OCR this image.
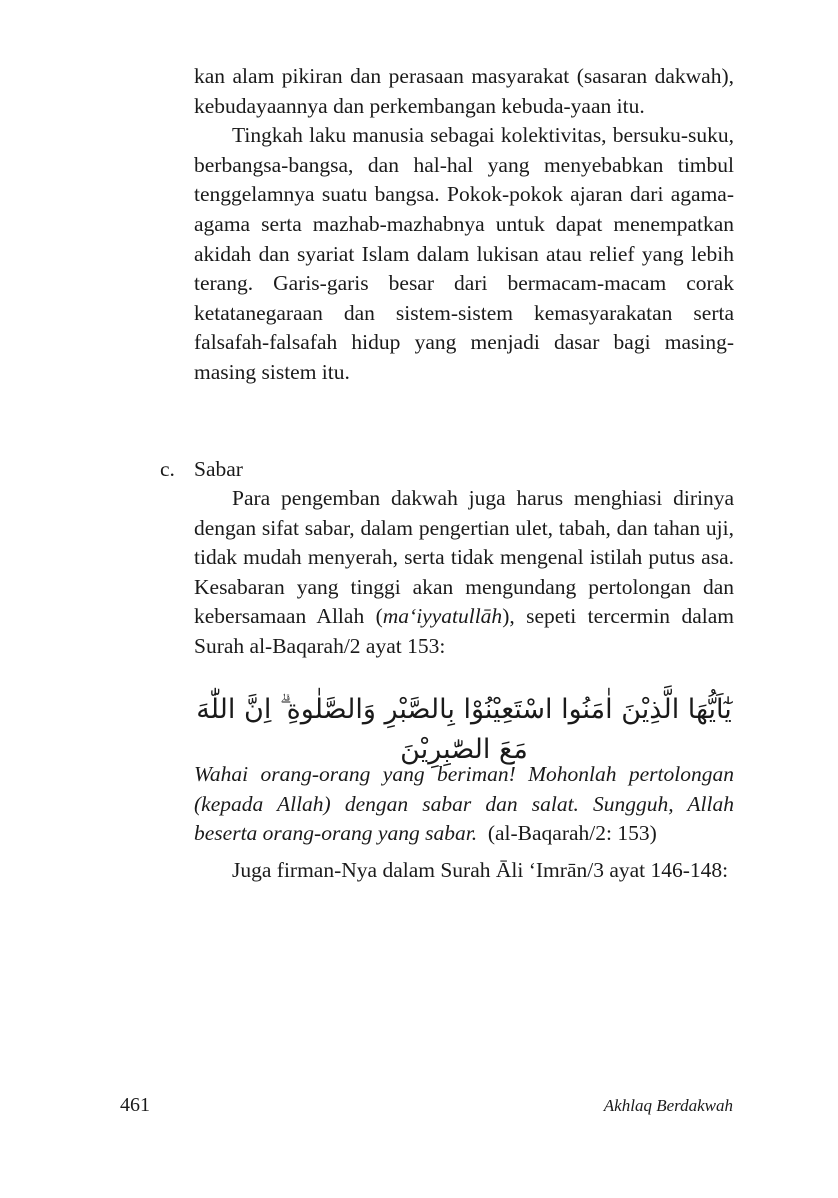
kan alam pikiran dan perasaan masyarakat (sasaran dakwah), kebudayaannya dan perkembangan kebuda-yaan itu.

Tingkah laku manusia sebagai kolektivitas, bersuku-suku, berbangsa-bangsa, dan hal-hal yang menyebabkan timbul tenggelamnya suatu bangsa. Pokok-pokok ajaran dari agama-agama serta mazhab-mazhabnya untuk dapat menempatkan akidah dan syariat Islam dalam lukisan atau relief yang lebih terang. Garis-garis besar dari bermacam-macam corak ketatanegaraan dan sistem-sistem kemasyarakatan serta falsafah-falsafah hidup yang menjadi dasar bagi masing-masing sistem itu.

c. Sabar

Para pengemban dakwah juga harus menghiasi dirinya dengan sifat sabar, dalam pengertian ulet, tabah, dan tahan uji, tidak mudah menyerah, serta tidak mengenal istilah putus asa. Kesabaran yang tinggi akan mengundang pertolongan dan kebersamaan Allah (ma‘iyyatullāh), sepeti tercermin dalam Surah al-Baqarah/2 ayat 153:

يٰٓاَيُّهَا الَّذِيْنَ اٰمَنُوا اسْتَعِيْنُوْا بِالصَّبْرِ وَالصَّلٰوةِ ۗ اِنَّ اللّٰهَ مَعَ الصّٰبِرِيْنَ

Wahai orang-orang yang beriman! Mohonlah pertolongan (kepada Allah) dengan sabar dan salat. Sungguh, Allah beserta orang-orang yang sabar. (al-Baqarah/2: 153)

Juga firman-Nya dalam Surah Āli ‘Imrān/3 ayat 146-148:

461	Akhlaq Berdakwah
